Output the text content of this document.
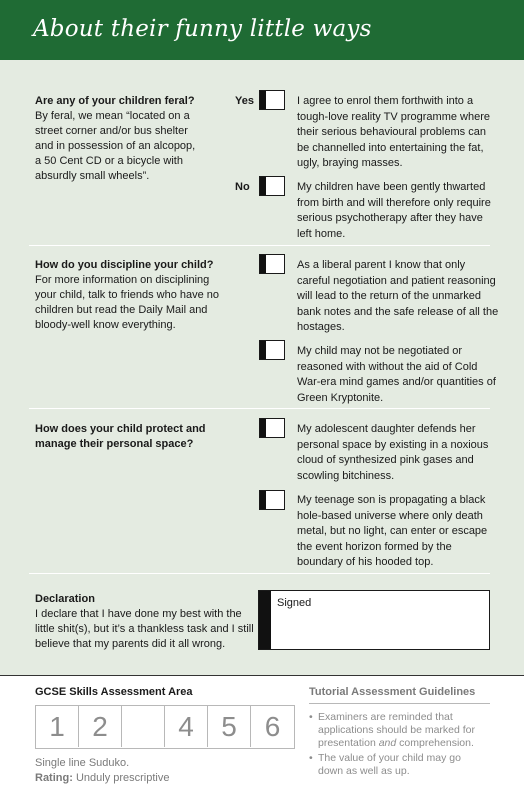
About their funny little ways
Are any of your children feral?
By feral, we mean “located on a
street corner and/or bus shelter
and in possession of an alcopop,
a 50 Cent CD or a bicycle with
absurdly small wheels”.
Yes	I agree to enrol them forthwith into a
tough-love reality TV programme where
their serious behavioural problems can
be channelled into entertaining the fat,
ugly, braying masses.
No	My children have been gently thwarted
from birth and will therefore only require
serious psychotherapy after they have
left home.
How do you discipline your child?
For more information on disciplining
your child, talk to friends who have no
children but read the Daily Mail and
bloody-well know everything.
As a liberal parent I know that only
careful negotiation and patient reasoning
will lead to the return of the unmarked
bank notes and the safe release of all the
hostages.
My child may not be negotiated or
reasoned with without the aid of Cold
War-era mind games and/or quantities of
Green Kryptonite.
How does your child protect and
manage their personal space?
My adolescent daughter defends her
personal space by existing in a noxious
cloud of synthesized pink gases and
scowling bitchiness.
My teenage son is propagating a black
hole-based universe where only death
metal, but no light, can enter or escape
the event horizon formed by the
boundary of his hooded top.
Declaration
I declare that I have done my best with the
little shit(s), but it’s a thankless task and I still
believe that my parents did it all wrong.
Signed
GCSE Skills Assessment Area
1 2	4 5 6
Single line Suduko.
Rating: Unduly prescriptive
Tutorial Assessment Guidelines
• Examiners are reminded that
applications should be marked for
presentation and comprehension.
• The value of your child may go
down as well as up.
